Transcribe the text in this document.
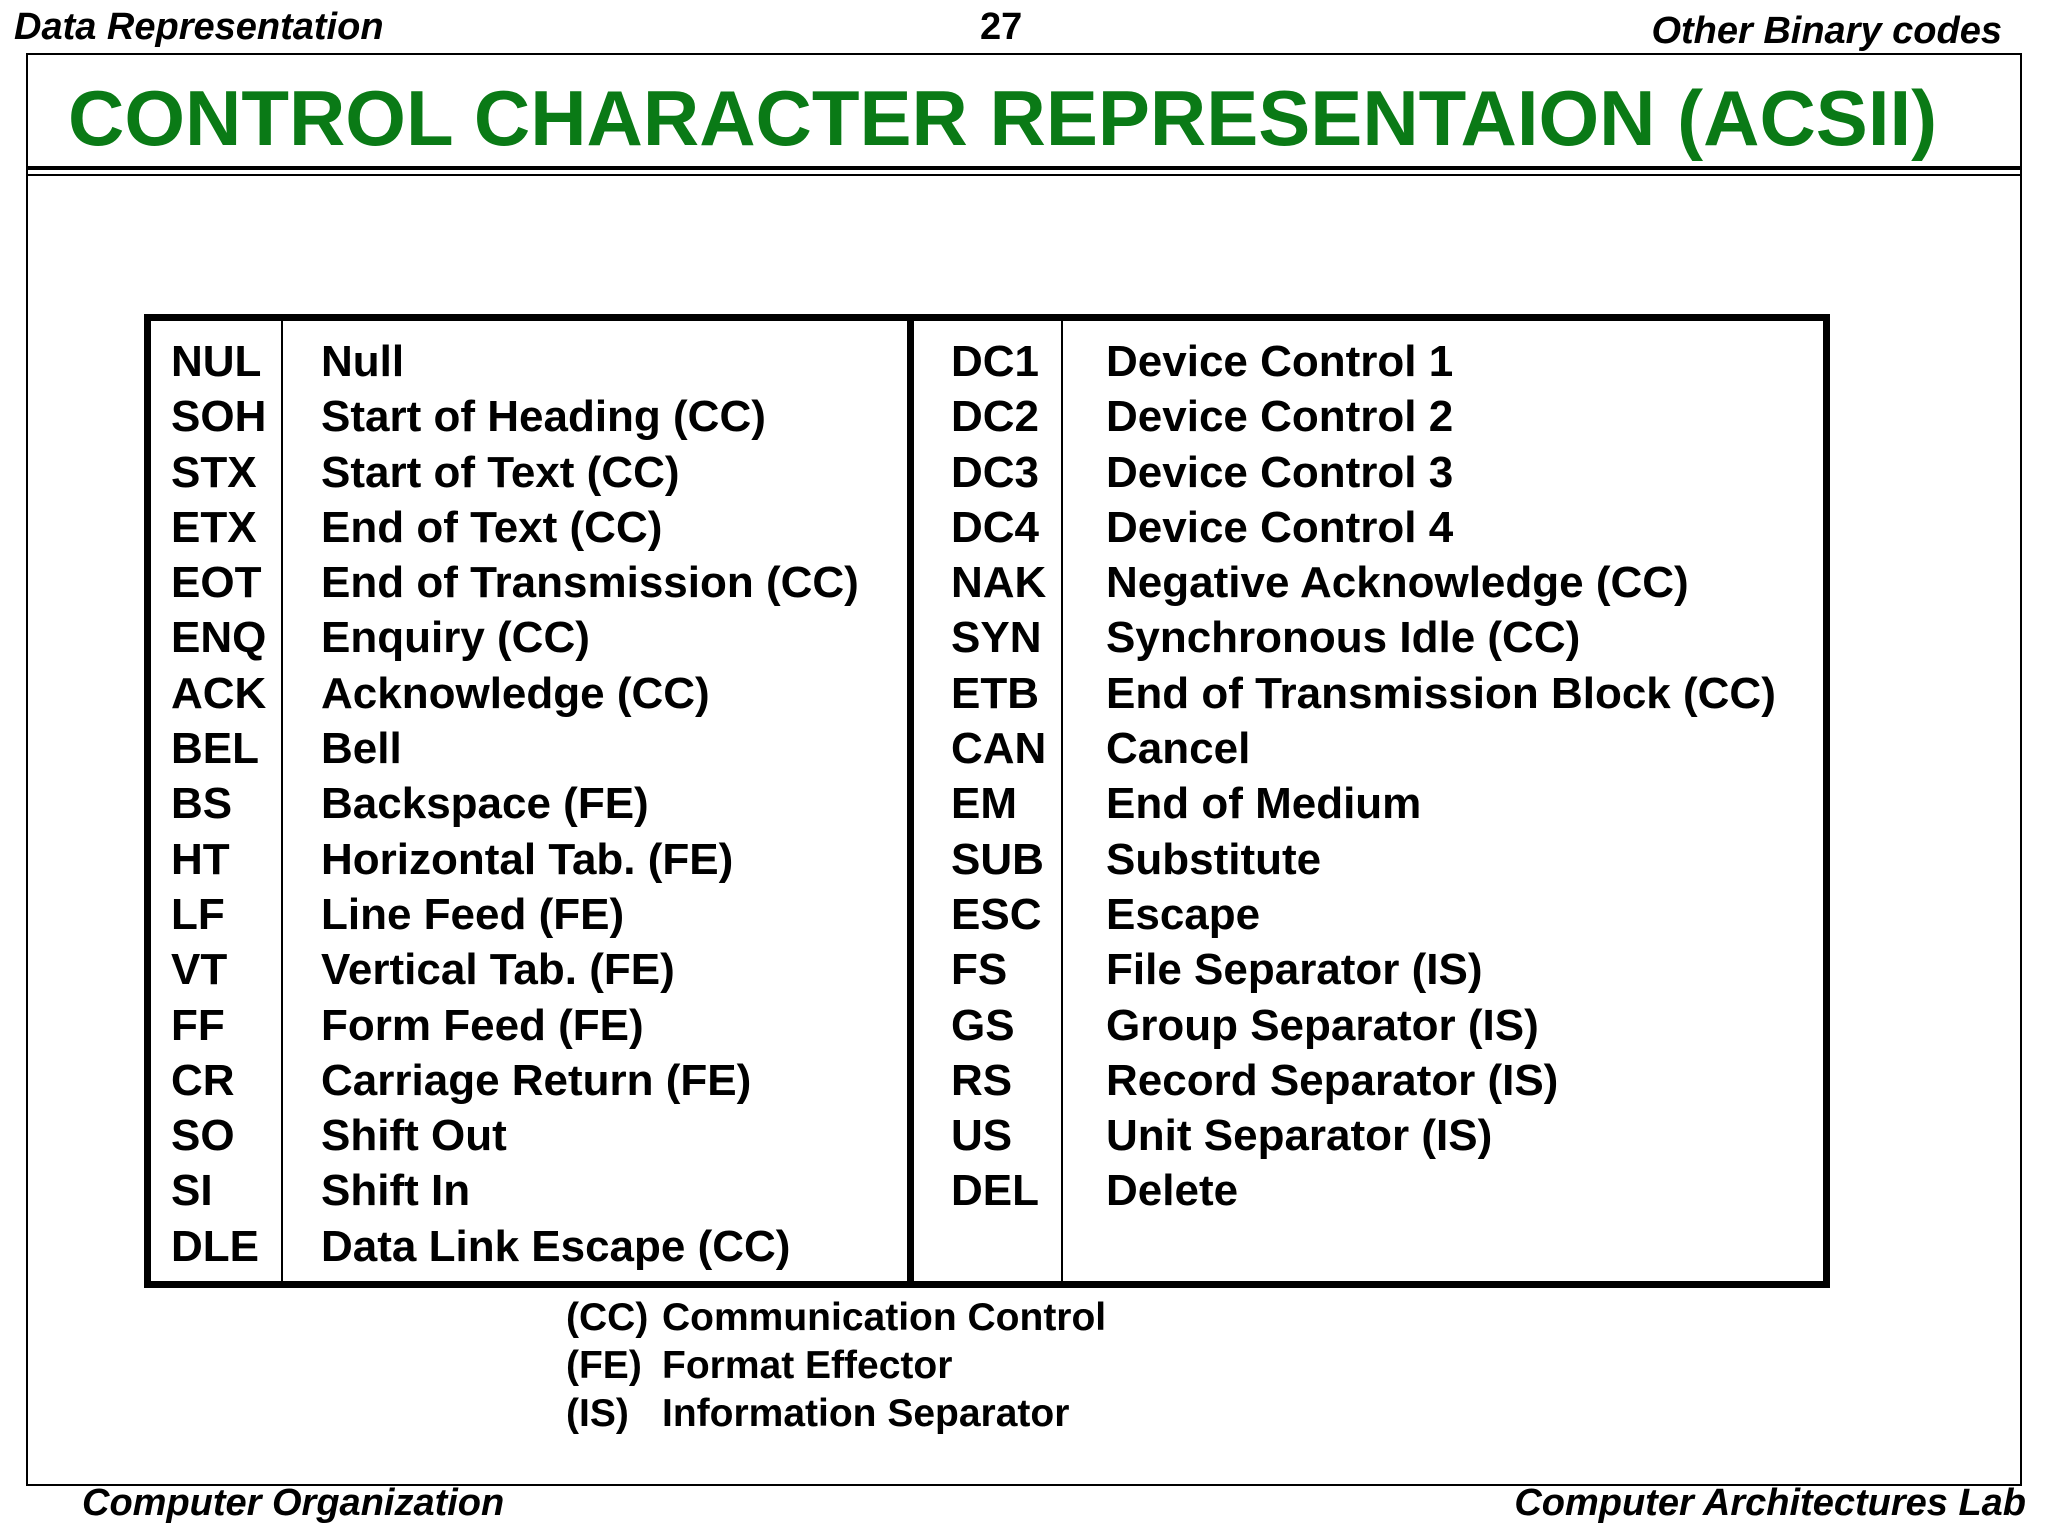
Data Representation	27	Other Binary codes
CONTROL CHARACTER REPRESENTAION (ACSII)
NUL Null
SOH Start of Heading (CC)
STX Start of Text (CC)
ETX End of Text (CC)
EOT End of Transmission (CC)
ENQ Enquiry (CC)
ACK Acknowledge (CC)
BEL Bell
BS Backspace (FE)
HT Horizontal Tab. (FE)
LF Line Feed (FE)
VT Vertical Tab. (FE)
FF Form Feed (FE)
CR Carriage Return (FE)
SO Shift Out
SI Shift In
DLE Data Link Escape (CC)
DC1 Device Control 1
DC2 Device Control 2
DC3 Device Control 3
DC4 Device Control 4
NAK Negative Acknowledge (CC)
SYN Synchronous Idle (CC)
ETB End of Transmission Block (CC)
CAN Cancel
EM End of Medium
SUB Substitute
ESC Escape
FS File Separator (IS)
GS Group Separator (IS)
RS Record Separator (IS)
US Unit Separator (IS)
DEL Delete
(CC) Communication Control
(FE) Format Effector
(IS) Information Separator
Computer Organization	Computer Architectures Lab
